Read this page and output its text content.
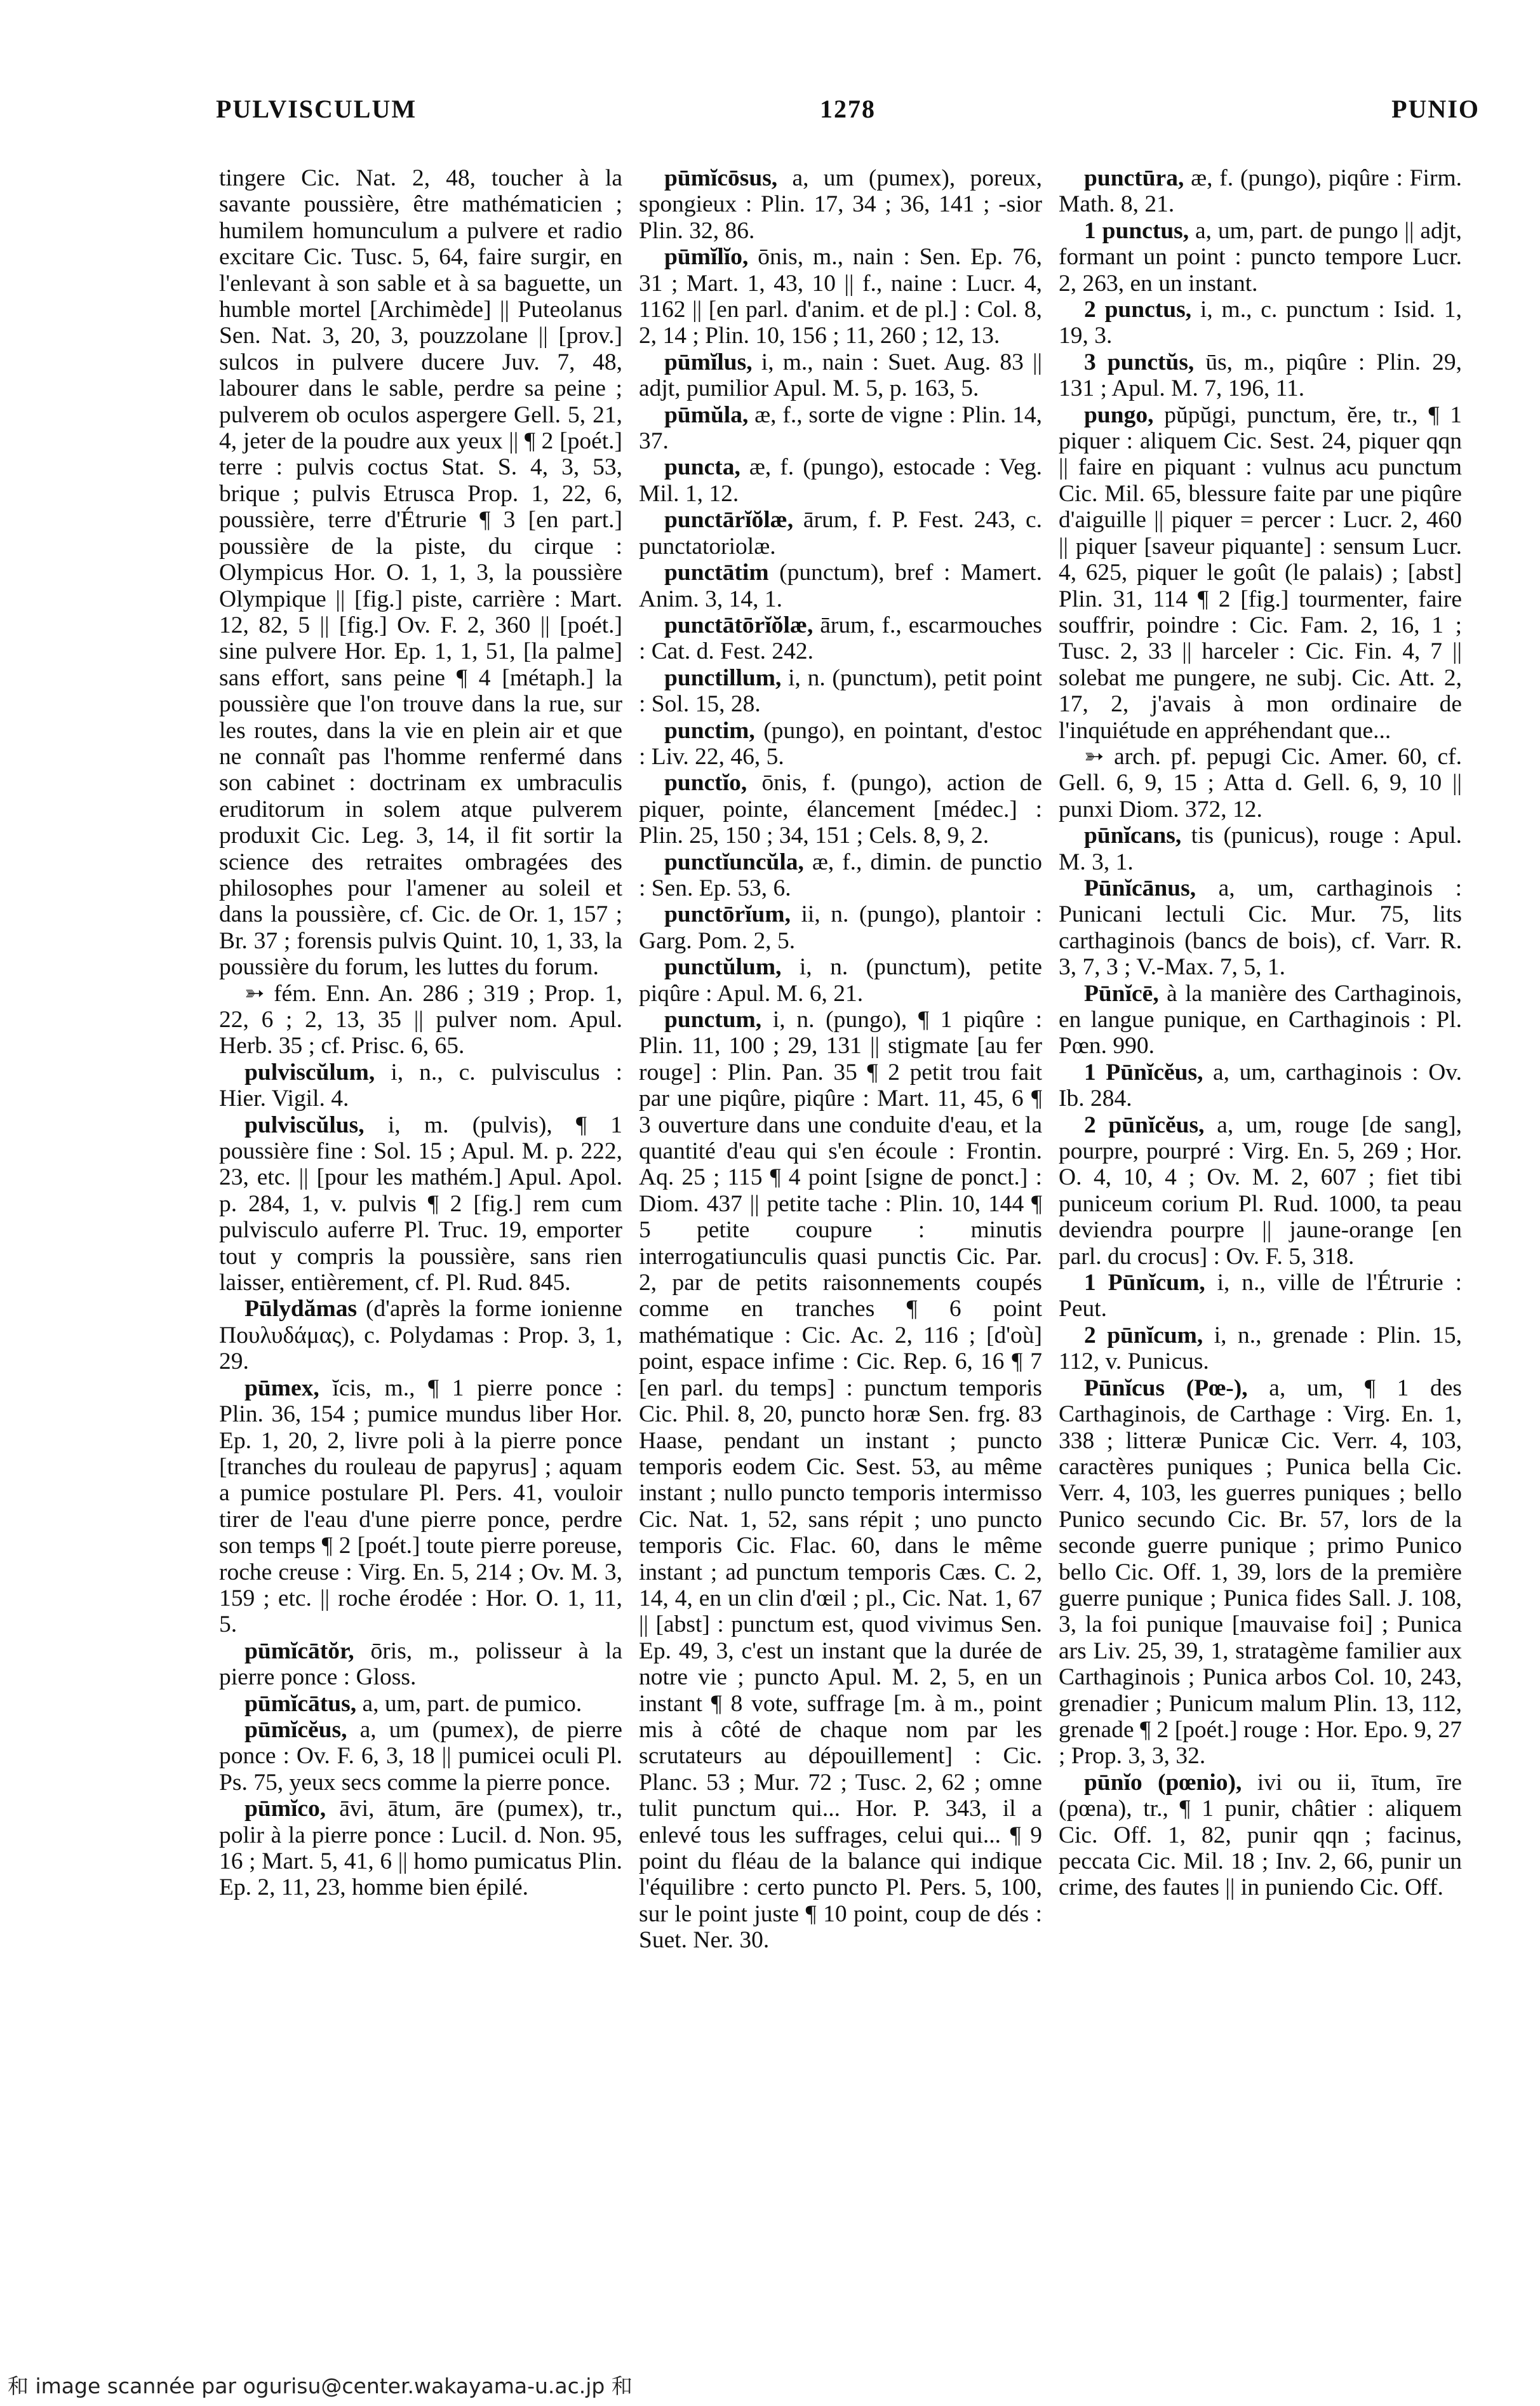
PULVISCULUM	1278	PUNIO

tingere Cic. Nat. 2, 48, toucher à la savante poussière, être mathématicien ; humilem homunculum a pulvere et radio excitare Cic. Tusc. 5, 64, faire surgir, en l'enlevant à son sable et à sa baguette, un humble mortel [Archimède] || Puteolanus Sen. Nat. 3, 20, 3, pouzzolane || [prov.] sulcos in pulvere ducere Juv. 7, 48, labourer dans le sable, perdre sa peine ; pulverem ob oculos aspergere Gell. 5, 21, 4, jeter de la poudre aux yeux || ¶ 2 [poét.] terre : pulvis coctus Stat. S. 4, 3, 53, brique ; pulvis Etrusca Prop. 1, 22, 6, poussière, terre d'Étrurie ¶ 3 [en part.] poussière de la piste, du cirque : Olympicus Hor. O. 1, 1, 3, la poussière Olympique || [fig.] piste, carrière : Mart. 12, 82, 5 || [fig.] Ov. F. 2, 360 || [poét.] sine pulvere Hor. Ep. 1, 1, 51, [la palme] sans effort, sans peine ¶ 4 [métaph.] la poussière que l'on trouve dans la rue, sur les routes, dans la vie en plein air et que ne connaît pas l'homme renfermé dans son cabinet : doctrinam ex umbraculis eruditorum in solem atque pulverem produxit Cic. Leg. 3, 14, il fit sortir la science des retraites ombragées des philosophes pour l'amener au soleil et dans la poussière, cf. Cic. de Or. 1, 157 ; Br. 37 ; forensis pulvis Quint. 10, 1, 33, la poussière du forum, les luttes du forum.

➳ fém. Enn. An. 286 ; 319 ; Prop. 1, 22, 6 ; 2, 13, 35 || pulver nom. Apul. Herb. 35 ; cf. Prisc. 6, 65.

pulviscŭlum, i, n., c. pulvisculus : Hier. Vigil. 4.

pulviscŭlus, i, m. (pulvis), ¶ 1 poussière fine : Sol. 15 ; Apul. M. p. 222, 23, etc. || [pour les mathém.] Apul. Apol. p. 284, 1, v. pulvis ¶ 2 [fig.] rem cum pulvisculo auferre Pl. Truc. 19, emporter tout y compris la poussière, sans rien laisser, entièrement, cf. Pl. Rud. 845.

Pūlydămas (d'après la forme ionienne Πουλυδάμας), c. Polydamas : Prop. 3, 1, 29.

pūmex, ĭcis, m., ¶ 1 pierre ponce : Plin. 36, 154 ; pumice mundus liber Hor. Ep. 1, 20, 2, livre poli à la pierre ponce [tranches du rouleau de papyrus] ; aquam a pumice postulare Pl. Pers. 41, vouloir tirer de l'eau d'une pierre ponce, perdre son temps ¶ 2 [poét.] toute pierre poreuse, roche creuse : Virg. En. 5, 214 ; Ov. M. 3, 159 ; etc. || roche érodée : Hor. O. 1, 11, 5.

pūmĭcātŏr, ōris, m., polisseur à la pierre ponce : Gloss.

pūmĭcātus, a, um, part. de pumico.

pūmĭcĕus, a, um (pumex), de pierre ponce : Ov. F. 6, 3, 18 || pumicei oculi Pl. Ps. 75, yeux secs comme la pierre ponce.

pūmĭco, āvi, ātum, āre (pumex), tr., polir à la pierre ponce : Lucil. d. Non. 95, 16 ; Mart. 5, 41, 6 || homo pumicatus Plin. Ep. 2, 11, 23, homme bien épilé.

pūmĭcōsus, a, um (pumex), poreux, spongieux : Plin. 17, 34 ; 36, 141 ; -sior Plin. 32, 86.

pūmĭlĭo, ōnis, m., nain : Sen. Ep. 76, 31 ; Mart. 1, 43, 10 || f., naine : Lucr. 4, 1162 || [en parl. d'anim. et de pl.] : Col. 8, 2, 14 ; Plin. 10, 156 ; 11, 260 ; 12, 13.

pūmĭlus, i, m., nain : Suet. Aug. 83 || adjt, pumilior Apul. M. 5, p. 163, 5.

pūmŭla, æ, f., sorte de vigne : Plin. 14, 37.

puncta, æ, f. (pungo), estocade : Veg. Mil. 1, 12.

punctārĭŏlæ, ārum, f. P. Fest. 243, c. punctatoriolæ.

punctātim (punctum), bref : Mamert. Anim. 3, 14, 1.

punctātōrĭŏlæ, ārum, f., escarmouches : Cat. d. Fest. 242.

punctillum, i, n. (punctum), petit point : Sol. 15, 28.

punctim, (pungo), en pointant, d'estoc : Liv. 22, 46, 5.

punctĭo, ōnis, f. (pungo), action de piquer, pointe, élancement [médec.] : Plin. 25, 150 ; 34, 151 ; Cels. 8, 9, 2.

punctĭuncŭla, æ, f., dimin. de punctio : Sen. Ep. 53, 6.

punctōrĭum, ii, n. (pungo), plantoir : Garg. Pom. 2, 5.

punctŭlum, i, n. (punctum), petite piqûre : Apul. M. 6, 21.

punctum, i, n. (pungo), ¶ 1 piqûre : Plin. 11, 100 ; 29, 131 || stigmate [au fer rouge] : Plin. Pan. 35 ¶ 2 petit trou fait par une piqûre, piqûre : Mart. 11, 45, 6 ¶ 3 ouverture dans une conduite d'eau, et la quantité d'eau qui s'en écoule : Frontin. Aq. 25 ; 115 ¶ 4 point [signe de ponct.] : Diom. 437 || petite tache : Plin. 10, 144 ¶ 5 petite coupure : minutis interrogatiunculis quasi punctis Cic. Par. 2, par de petits raisonnements coupés comme en tranches ¶ 6 point mathématique : Cic. Ac. 2, 116 ; [d'où] point, espace infime : Cic. Rep. 6, 16 ¶ 7 [en parl. du temps] : punctum temporis Cic. Phil. 8, 20, puncto horæ Sen. frg. 83 Haase, pendant un instant ; puncto temporis eodem Cic. Sest. 53, au même instant ; nullo puncto temporis intermisso Cic. Nat. 1, 52, sans répit ; uno puncto temporis Cic. Flac. 60, dans le même instant ; ad punctum temporis Cæs. C. 2, 14, 4, en un clin d'œil ; pl., Cic. Nat. 1, 67 || [abst] : punctum est, quod vivimus Sen. Ep. 49, 3, c'est un instant que la durée de notre vie ; puncto Apul. M. 2, 5, en un instant ¶ 8 vote, suffrage [m. à m., point mis à côté de chaque nom par les scrutateurs au dépouillement] : Cic. Planc. 53 ; Mur. 72 ; Tusc. 2, 62 ; omne tulit punctum qui... Hor. P. 343, il a enlevé tous les suffrages, celui qui... ¶ 9 point du fléau de la balance qui indique l'équilibre : certo puncto Pl. Pers. 5, 100, sur le point juste ¶ 10 point, coup de dés : Suet. Ner. 30.

punctūra, æ, f. (pungo), piqûre : Firm. Math. 8, 21.

1 punctus, a, um, part. de pungo || adjt, formant un point : puncto tempore Lucr. 2, 263, en un instant.

2 punctus, i, m., c. punctum : Isid. 1, 19, 3.

3 punctŭs, ūs, m., piqûre : Plin. 29, 131 ; Apul. M. 7, 196, 11.

pungo, pŭpŭgi, punctum, ĕre, tr., ¶ 1 piquer : aliquem Cic. Sest. 24, piquer qqn || faire en piquant : vulnus acu punctum Cic. Mil. 65, blessure faite par une piqûre d'aiguille || piquer = percer : Lucr. 2, 460 || piquer [saveur piquante] : sensum Lucr. 4, 625, piquer le goût (le palais) ; [abst] Plin. 31, 114 ¶ 2 [fig.] tourmenter, faire souffrir, poindre : Cic. Fam. 2, 16, 1 ; Tusc. 2, 33 || harceler : Cic. Fin. 4, 7 || solebat me pungere, ne subj. Cic. Att. 2, 17, 2, j'avais à mon ordinaire de l'inquiétude en appréhendant que...

➳ arch. pf. pepugi Cic. Amer. 60, cf. Gell. 6, 9, 15 ; Atta d. Gell. 6, 9, 10 || punxi Diom. 372, 12.

pūnĭcans, tis (punicus), rouge : Apul. M. 3, 1.

Pūnĭcānus, a, um, carthaginois : Punicani lectuli Cic. Mur. 75, lits carthaginois (bancs de bois), cf. Varr. R. 3, 7, 3 ; V.-Max. 7, 5, 1.

Pūnĭcē, à la manière des Carthaginois, en langue punique, en Carthaginois : Pl. Pœn. 990.

1 Pūnĭcĕus, a, um, carthaginois : Ov. Ib. 284.

2 pūnĭcĕus, a, um, rouge [de sang], pourpre, pourpré : Virg. En. 5, 269 ; Hor. O. 4, 10, 4 ; Ov. M. 2, 607 ; fiet tibi puniceum corium Pl. Rud. 1000, ta peau deviendra pourpre || jaune-orange [en parl. du crocus] : Ov. F. 5, 318.

1 Pūnĭcum, i, n., ville de l'Étrurie : Peut.

2 pūnĭcum, i, n., grenade : Plin. 15, 112, v. Punicus.

Pūnĭcus (Pœ-), a, um, ¶ 1 des Carthaginois, de Carthage : Virg. En. 1, 338 ; litteræ Punicæ Cic. Verr. 4, 103, caractères puniques ; Punica bella Cic. Verr. 4, 103, les guerres puniques ; bello Punico secundo Cic. Br. 57, lors de la seconde guerre punique ; primo Punico bello Cic. Off. 1, 39, lors de la première guerre punique ; Punica fides Sall. J. 108, 3, la foi punique [mauvaise foi] ; Punica ars Liv. 25, 39, 1, stratagème familier aux Carthaginois ; Punica arbos Col. 10, 243, grenadier ; Punicum malum Plin. 13, 112, grenade ¶ 2 [poét.] rouge : Hor. Epo. 9, 27 ; Prop. 3, 3, 32.

pūnĭo (pœnio), ivi ou ii, ītum, īre (pœna), tr., ¶ 1 punir, châtier : aliquem Cic. Off. 1, 82, punir qqn ; facinus, peccata Cic. Mil. 18 ; Inv. 2, 66, punir un crime, des fautes || in puniendo Cic. Off.

和 image scannée par ogurisu@center.wakayama-u.ac.jp 和
